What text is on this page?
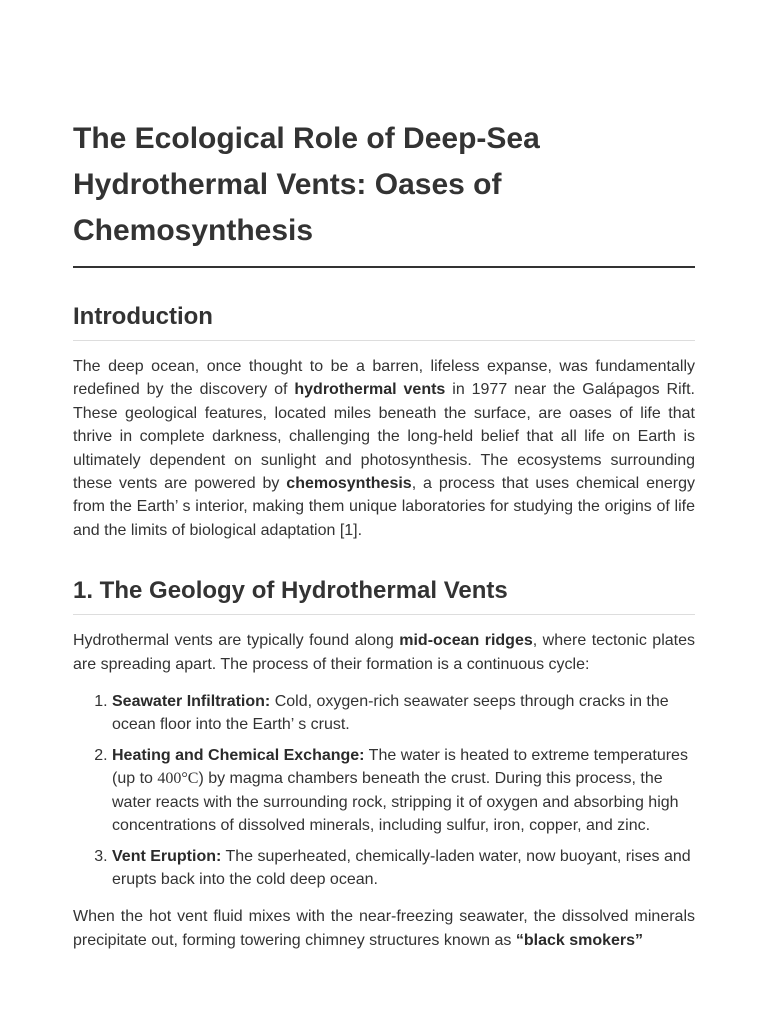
The Ecological Role of Deep-Sea Hydrothermal Vents: Oases of Chemosynthesis
Introduction

The deep ocean, once thought to be a barren, lifeless expanse, was fundamentally redefined by the discovery of hydrothermal vents in 1977 near the Galápagos Rift. These geological features, located miles beneath the surface, are oases of life that thrive in complete darkness, challenging the long-held belief that all life on Earth is ultimately dependent on sunlight and photosynthesis. The ecosystems surrounding these vents are powered by chemosynthesis, a process that uses chemical energy from the Earth’ s interior, making them unique laboratories for studying the origins of life and the limits of biological adaptation [1].

1. The Geology of Hydrothermal Vents

Hydrothermal vents are typically found along mid-ocean ridges, where tectonic plates are spreading apart. The process of their formation is a continuous cycle:

1. Seawater Infiltration: Cold, oxygen-rich seawater seeps through cracks in the ocean floor into the Earth’ s crust.
2. Heating and Chemical Exchange: The water is heated to extreme temperatures (up to 400°C) by magma chambers beneath the crust. During this process, the water reacts with the surrounding rock, stripping it of oxygen and absorbing high concentrations of dissolved minerals, including sulfur, iron, copper, and zinc.
3. Vent Eruption: The superheated, chemically-laden water, now buoyant, rises and erupts back into the cold deep ocean.

When the hot vent fluid mixes with the near-freezing seawater, the dissolved minerals precipitate out, forming towering chimney structures known as “black smokers”
